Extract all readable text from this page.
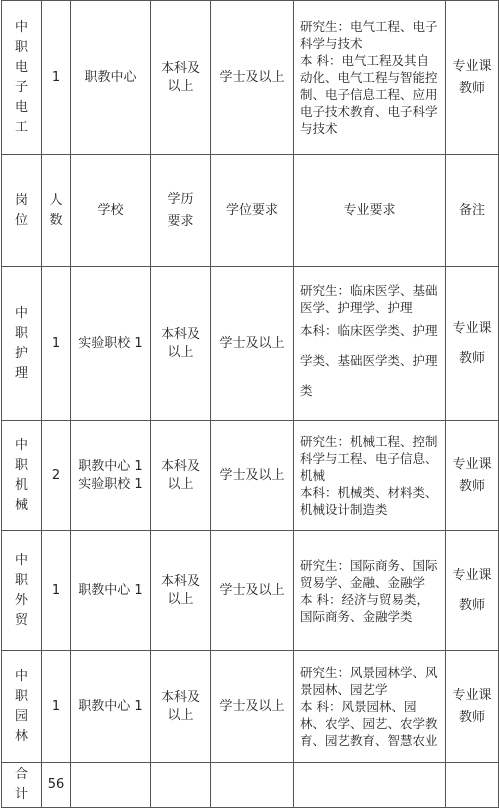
中职电子电工	1	职教中心	本科及以上	学士及以上	研究生：电气工程、电子科学与技术
本 科：电气工程及其自动化、电气工程与智能控制、电子信息工程、应用电子技术教育、电子科学与技术	专业课教师

岗位	人数	学校	学历要求	学位要求	专业要求	备注

中职护理	1	实验职校 1	本科及以上	学士及以上	研究生：临床医学、基础医学、护理学、护理
本科：临床医学类、护理学类、基础医学类、护理类	专业课教师

中职机械	2	职教中心 1 实验职校 1	本科及以上	学士及以上	研究生：机械工程、控制科学与工程、电子信息、机械
本科：机械类、材料类、机械设计制造类	专业课教师

中职外贸	1	职教中心 1	本科及以上	学士及以上	研究生：国际商务、国际贸易学、金融、金融学
本 科：经济与贸易类，国际商务、金融学类	专业课教师

中职园林	1	职教中心 1	本科及以上	学士及以上	研究生：风景园林学、风景园林、园艺学
本 科：风景园林、园林、农学、园艺、农学教育、园艺教育、智慧农业	专业课教师

合计	56					
